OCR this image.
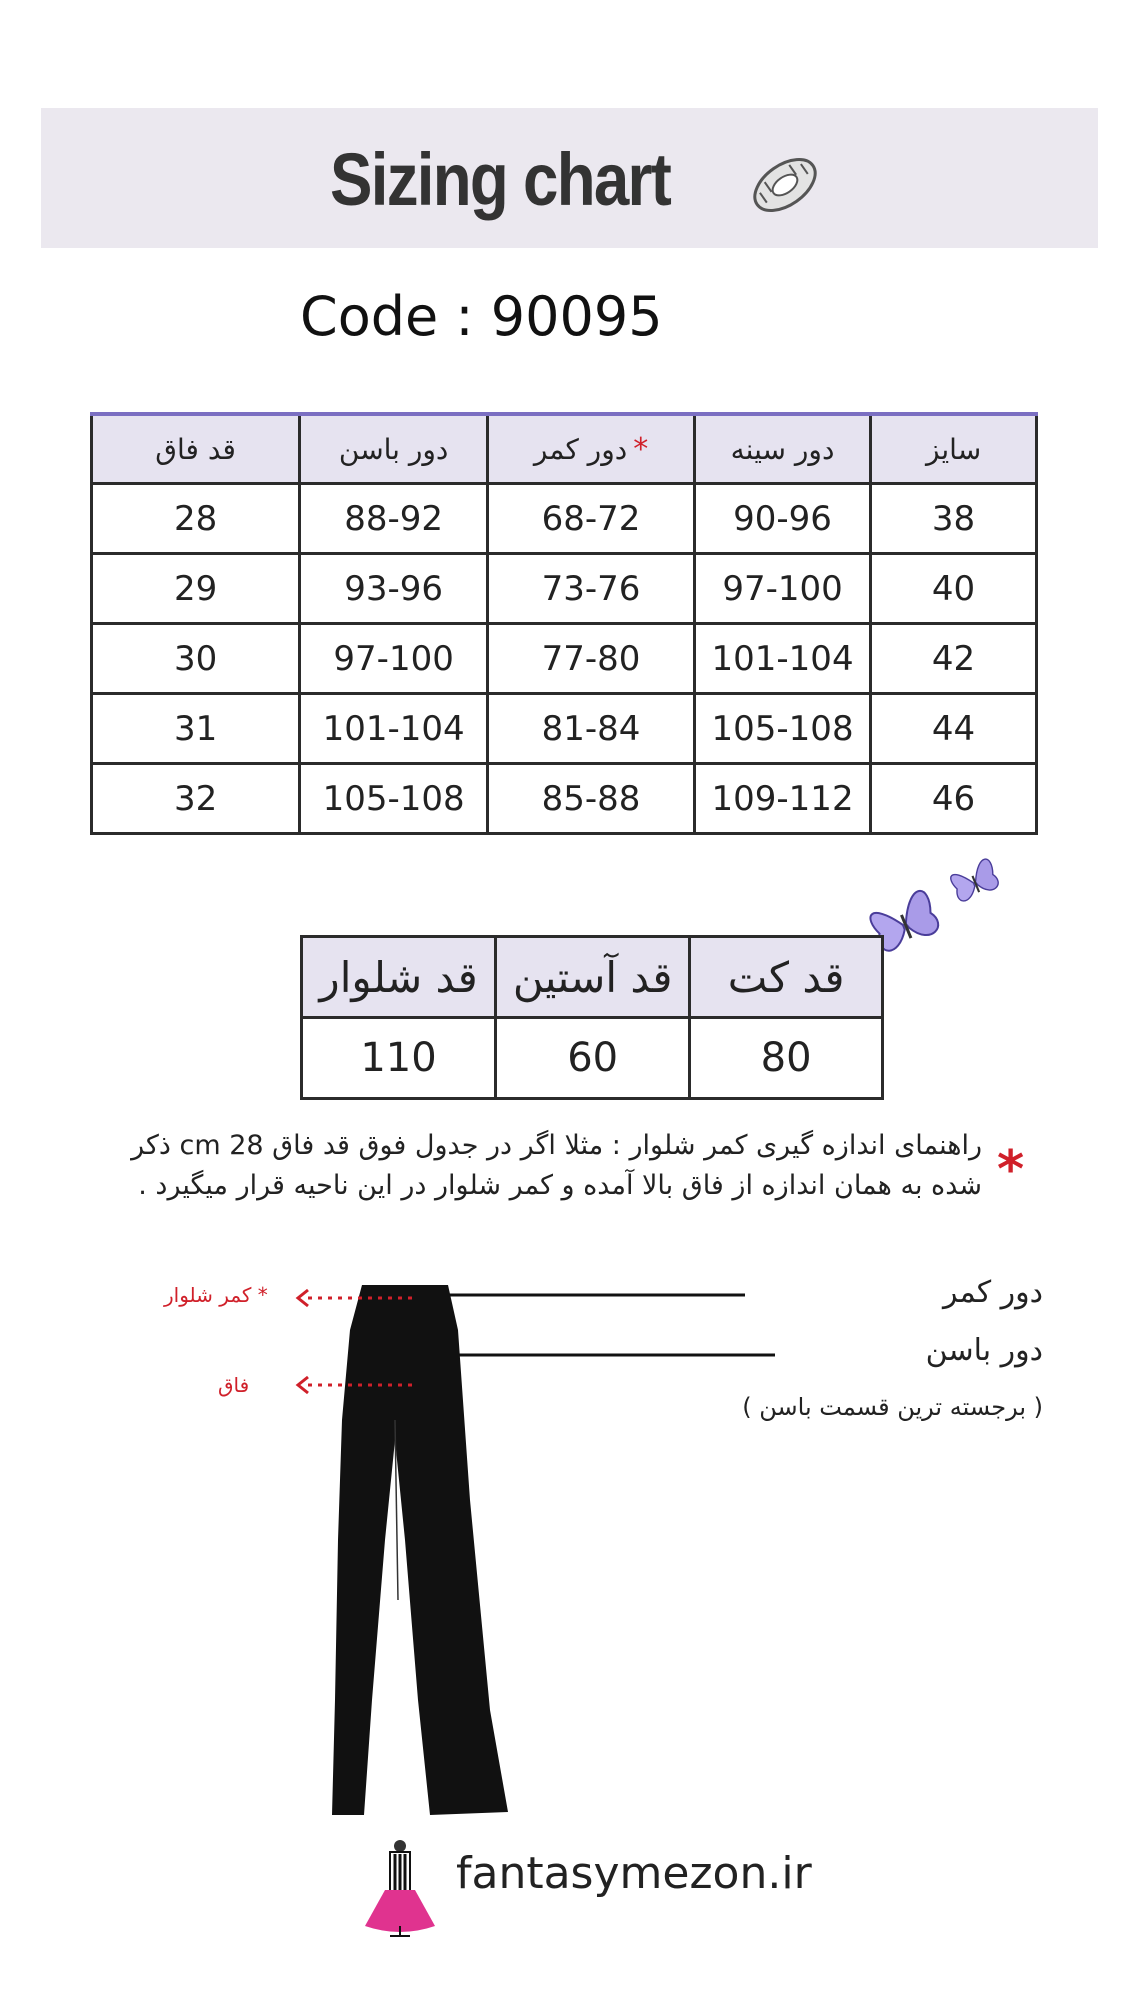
Sizing chart
Code : 90095
قد فاق	دور باسن	دور کمر *	دور سینه	سایز
28	88-92	68-72	90-96	38
29	93-96	73-76	97-100	40
30	97-100	77-80	101-104	42
31	101-104	81-84	105-108	44
32	105-108	85-88	109-112	46
قد شلوار	قد آستین	قد کت
110	60	80
*
راهنمای اندازه گیری کمر شلوار : مثلا اگر در جدول فوق قد فاق 28 cm ذکر
شده به همان اندازه از فاق بالا آمده و کمر شلوار در این ناحیه قرار میگیرد .
دور کمر
دور باسن
( برجسته ترین قسمت باسن )
* کمر شلوار
فاق
fantasymezon.ir
